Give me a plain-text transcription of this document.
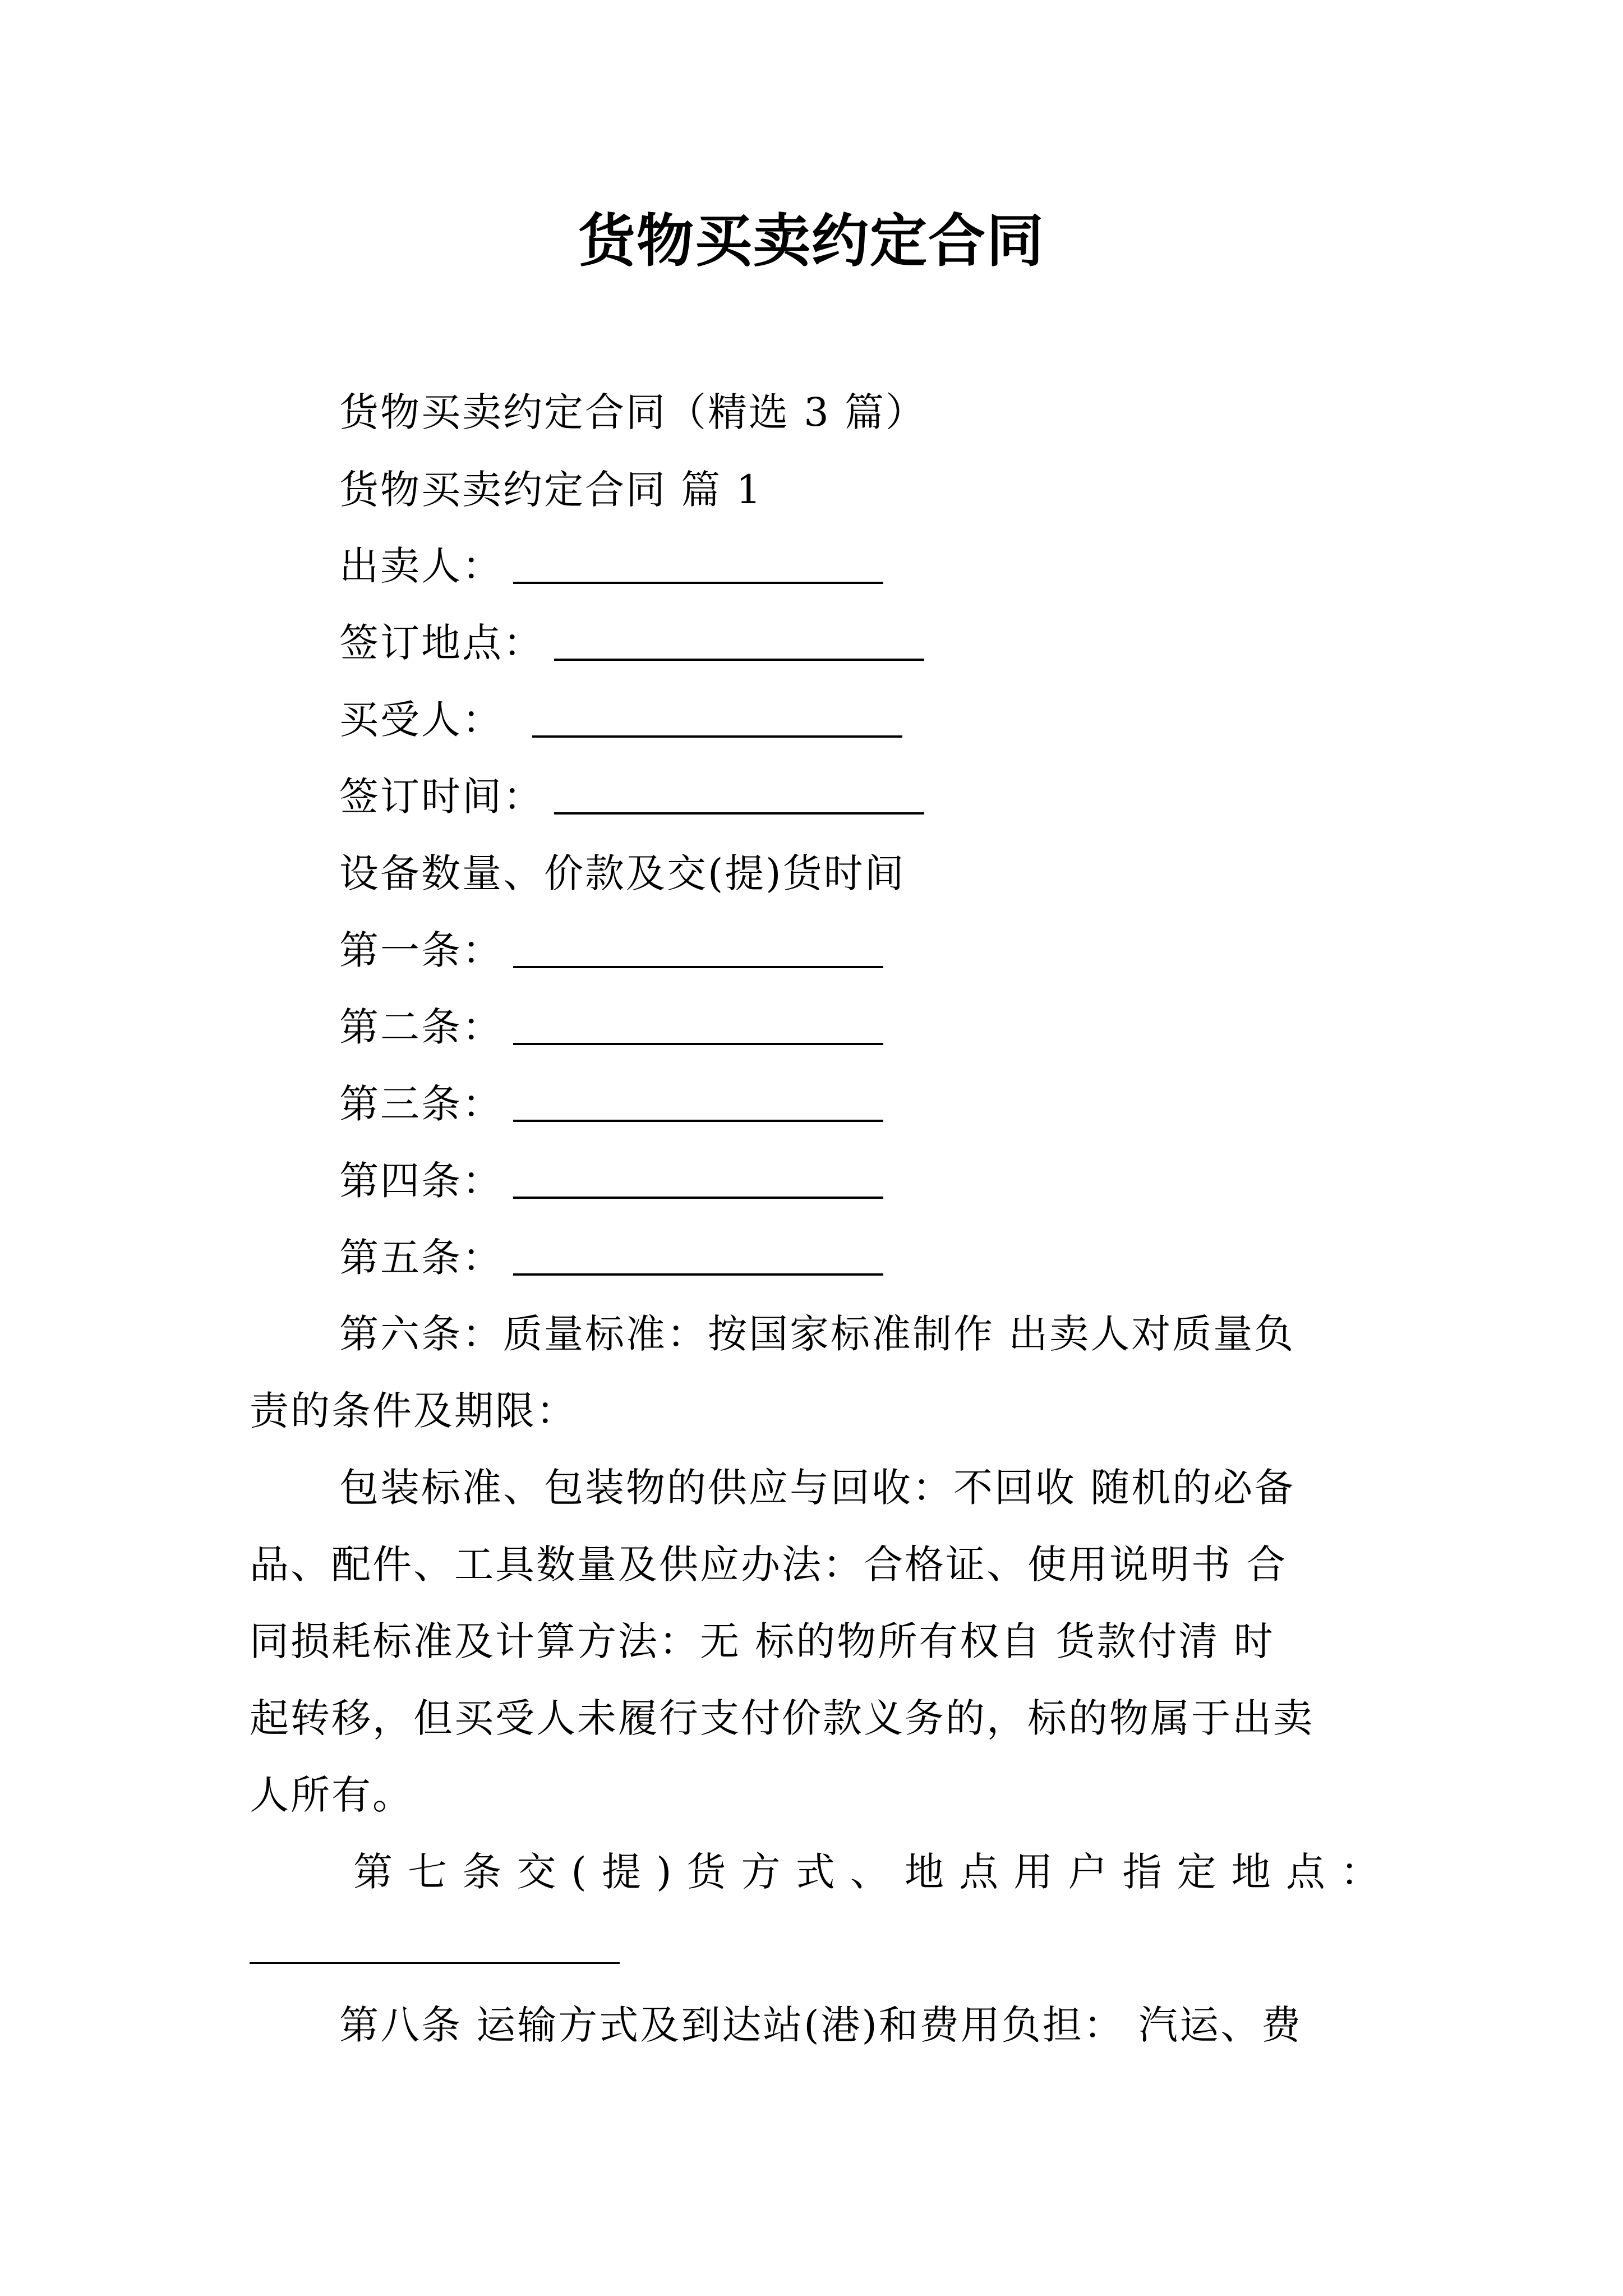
货物买卖约定合同
货物买卖约定合同（精选 3 篇）
货物买卖约定合同 篇 1
出卖人：
签订地点：
买受人：
签订时间：
设备数量、价款及交(提)货时间
第一条：
第二条：
第三条：
第四条：
第五条：
第六条：质量标准：按国家标准制作 出卖人对质量负
责的条件及期限：
包装标准、包装物的供应与回收：不回收 随机的必备
品、配件、工具数量及供应办法：合格证、使用说明书 合
同损耗标准及计算方法：无 标的物所有权自 货款付清 时
起转移，但买受人未履行支付价款义务的，标的物属于出卖
人所有。
第 七 条 交 ( 提 ) 货 方 式 、 地 点 用 户 指 定 地 点 ：
第八条 运输方式及到达站(港)和费用负担： 汽运、费
